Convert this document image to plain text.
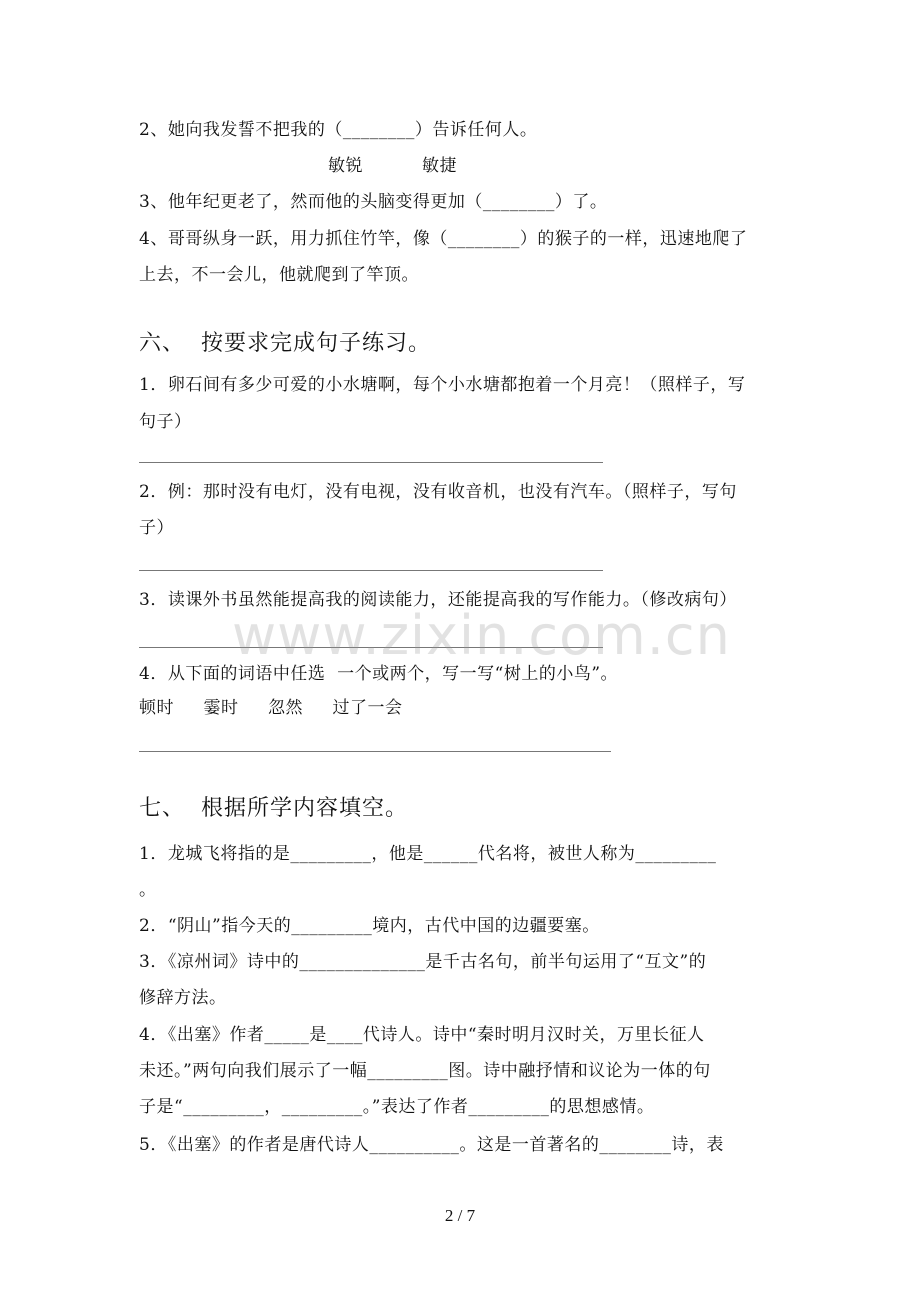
2、她向我发誓不把我的（________）告诉任何人。
敏锐          敏捷
3、他年纪更老了，然而他的头脑变得更加（________）了。
4、哥哥纵身一跃，用力抓住竹竿，像（________）的猴子的一样，迅速地爬了
上去，不一会儿，他就爬到了竿顶。
六、  按要求完成句子练习。
1．卵石间有多少可爱的小水塘啊，每个小水塘都抱着一个月亮！（照样子，写
句子）
2．例：那时没有电灯，没有电视，没有收音机，也没有汽车。（照样子，写句
子）
3．读课外书虽然能提高我的阅读能力，还能提高我的写作能力。（修改病句）
4．从下面的词语中任选  一个或两个，写一写“树上的小鸟”。
顿时     霎时     忽然     过了一会
七、  根据所学内容填空。
1．龙城飞将指的是_________，他是______代名将，被世人称为_________
。
2．“阴山”指今天的_________境内，古代中国的边疆要塞。
3．《凉州词》诗中的______________是千古名句，前半句运用了“互文”的
修辞方法。
4．《出塞》作者_____是____代诗人。诗中“秦时明月汉时关，万里长征人
未还。”两句向我们展示了一幅_________图。诗中融抒情和议论为一体的句
子是“_________，_________。”表达了作者_________的思想感情。
5．《出塞》的作者是唐代诗人__________。这是一首著名的________诗，表
www.zixin.com.cn
2 / 7
